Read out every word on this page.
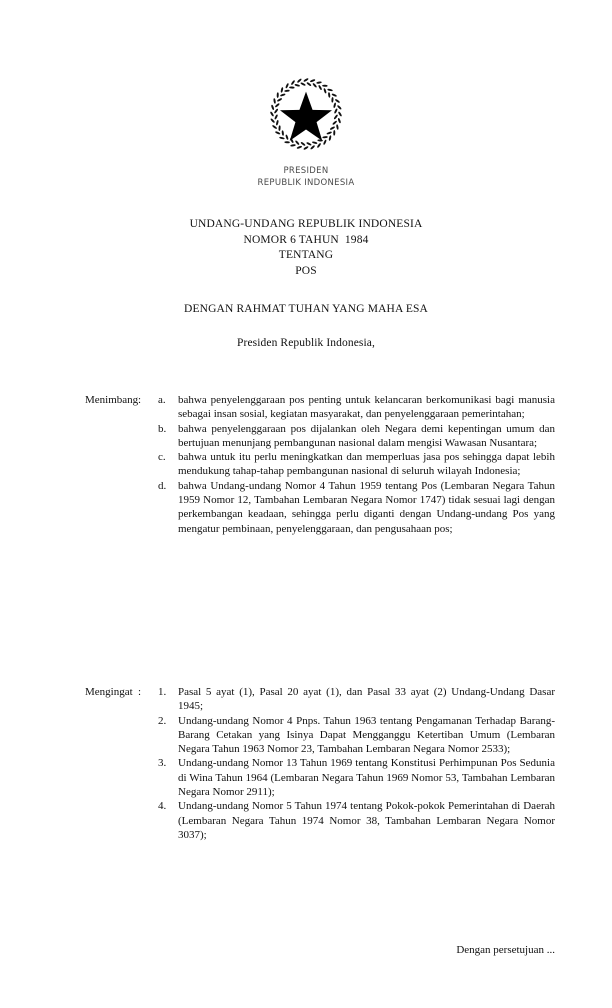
PRESIDEN
REPUBLIK INDONESIA
UNDANG-UNDANG REPUBLIK INDONESIA
NOMOR 6 TAHUN  1984
TENTANG
POS
DENGAN RAHMAT TUHAN YANG MAHA ESA
Presiden Republik Indonesia,
Menimbang :	a.	bahwa penyelenggaraan pos penting untuk kelancaran berkomunikasi bagi manusia sebagai insan sosial, kegiatan masyarakat, dan penyelenggaraan pemerintahan;
b.	bahwa penyelenggaraan pos dijalankan oleh Negara demi kepentingan umum dan bertujuan menunjang pembangunan nasional dalam mengisi Wawasan Nusantara;
c.	bahwa untuk itu perlu meningkatkan dan memperluas jasa pos sehingga dapat lebih mendukung tahap-tahap pembangunan nasional di seluruh wilayah Indonesia;
d.	bahwa Undang-undang Nomor 4 Tahun 1959 tentang Pos (Lembaran Negara Tahun 1959 Nomor 12, Tambahan Lembaran Negara Nomor 1747) tidak sesuai lagi dengan perkembangan keadaan, sehingga perlu diganti dengan Undang-undang Pos yang mengatur pembinaan, penyelenggaraan, dan pengusahaan pos;
Mengingat :	1.	Pasal 5 ayat (1), Pasal 20 ayat (1), dan Pasal 33 ayat (2) Undang-Undang Dasar 1945;
2.	Undang-undang Nomor 4 Pnps. Tahun 1963 tentang Pengamanan Terhadap Barang-Barang Cetakan yang Isinya Dapat Mengganggu Ketertiban Umum (Lembaran Negara Tahun 1963 Nomor 23, Tambahan Lembaran Negara Nomor 2533);
3.	Undang-undang Nomor 13 Tahun 1969 tentang Konstitusi Perhimpunan Pos Sedunia di Wina Tahun 1964 (Lembaran Negara Tahun 1969 Nomor 53, Tambahan Lembaran Negara Nomor 2911);
4.	Undang-undang Nomor 5 Tahun 1974 tentang Pokok-pokok Pemerintahan di Daerah (Lembaran Negara Tahun 1974 Nomor 38, Tambahan Lembaran Negara Nomor 3037);
Dengan persetujuan ...
